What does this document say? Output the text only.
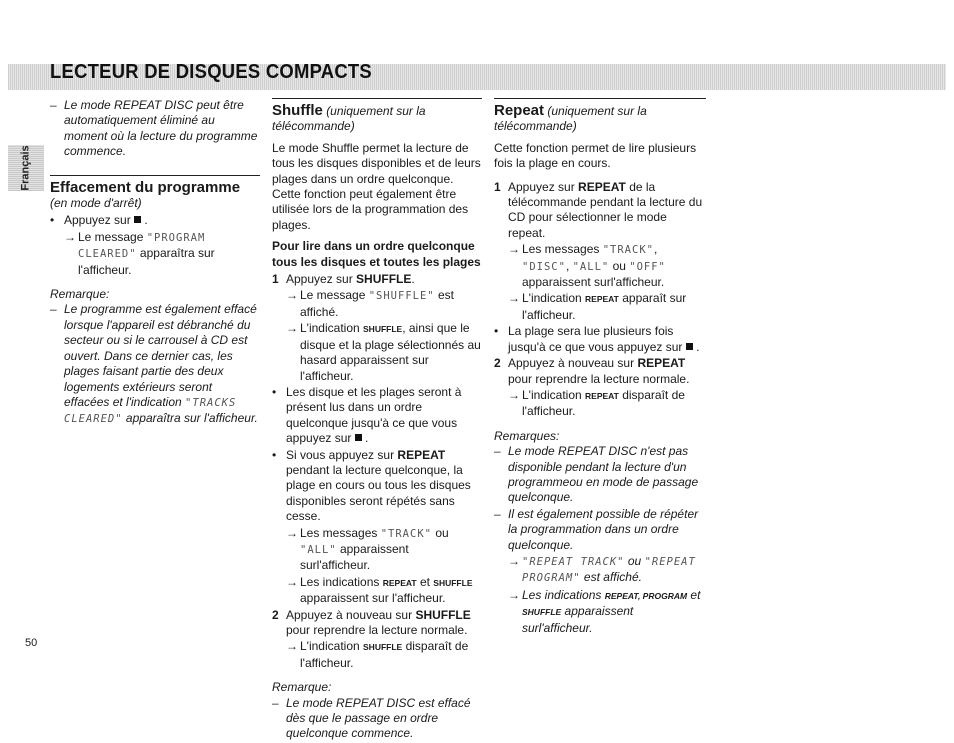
LECTEUR DE DISQUES COMPACTS
Français
50
– Le mode REPEAT DISC peut être automatiquement éliminé au moment où la lecture du programme commence.
Effacement du programme (en mode d'arrêt)
• Appuyez sur  .
→ Le message "PROGRAM CLEARED" apparaîtra sur l'afficheur.
Remarque:
– Le programme est également effacé lorsque l'appareil est débranché du secteur ou si le carrousel à CD est ouvert. Dans ce dernier cas, les plages faisant partie des deux logements extérieurs seront effacées et l'indication "TRACKS CLEARED" apparaîtra sur l'afficheur.
Shuffle (uniquement sur la télécommande)

Le mode Shuffle permet la lecture de tous les disques disponibles et de leurs plages dans un ordre quelconque. Cette fonction peut également être utilisée lors de la programmation des plages.

Pour lire dans un ordre quelconque tous les disques et toutes les plages
1 Appuyez sur SHUFFLE.
→ Le message "SHUFFLE" est affiché.
→ L'indication SHUFFLE, ainsi que le disque et la plage sélectionnés au hasard apparaissent sur l'afficheur.
• Les disque et les plages seront à présent lus dans un ordre quelconque jusqu'à ce que vous appuyez sur  .
• Si vous appuyez sur REPEAT pendant la lecture quelconque, la plage en cours ou tous les disques disponibles seront répétés sans cesse.
→ Les messages "TRACK" ou "ALL" apparaissent surl'afficheur.
→ Les indications REPEAT et SHUFFLE apparaissent sur l'afficheur.
2 Appuyez à nouveau sur SHUFFLE pour reprendre la lecture normale.
→ L'indication SHUFFLE disparaît de l'afficheur.
Remarque:
– Le mode REPEAT DISC est effacé dès que le passage en ordre quelconque commence.
Repeat (uniquement sur la télécommande)

Cette fonction permet de lire plusieurs fois la plage en cours.

1 Appuyez sur REPEAT de la télécommande pendant la lecture du CD pour sélectionner le mode repeat.
→ Les messages "TRACK", "DISC", "ALL" ou "OFF" apparaissent surl'afficheur.
→ L'indication REPEAT apparaît sur l'afficheur.
• La plage sera lue plusieurs fois jusqu'à ce que vous appuyez sur  .
2 Appuyez à nouveau sur REPEAT pour reprendre la lecture normale.
→ L'indication REPEAT disparaît de l'afficheur.
Remarques:
– Le mode REPEAT DISC n'est pas disponible pendant la lecture d'un programmeou en mode de passage quelconque.
– Il est également possible de répéter la programmation dans un ordre quelconque.
→ "REPEAT TRACK" ou "REPEAT PROGRAM" est affiché.
→ Les indications REPEAT, PROGRAM et SHUFFLE apparaissent surl'afficheur.
